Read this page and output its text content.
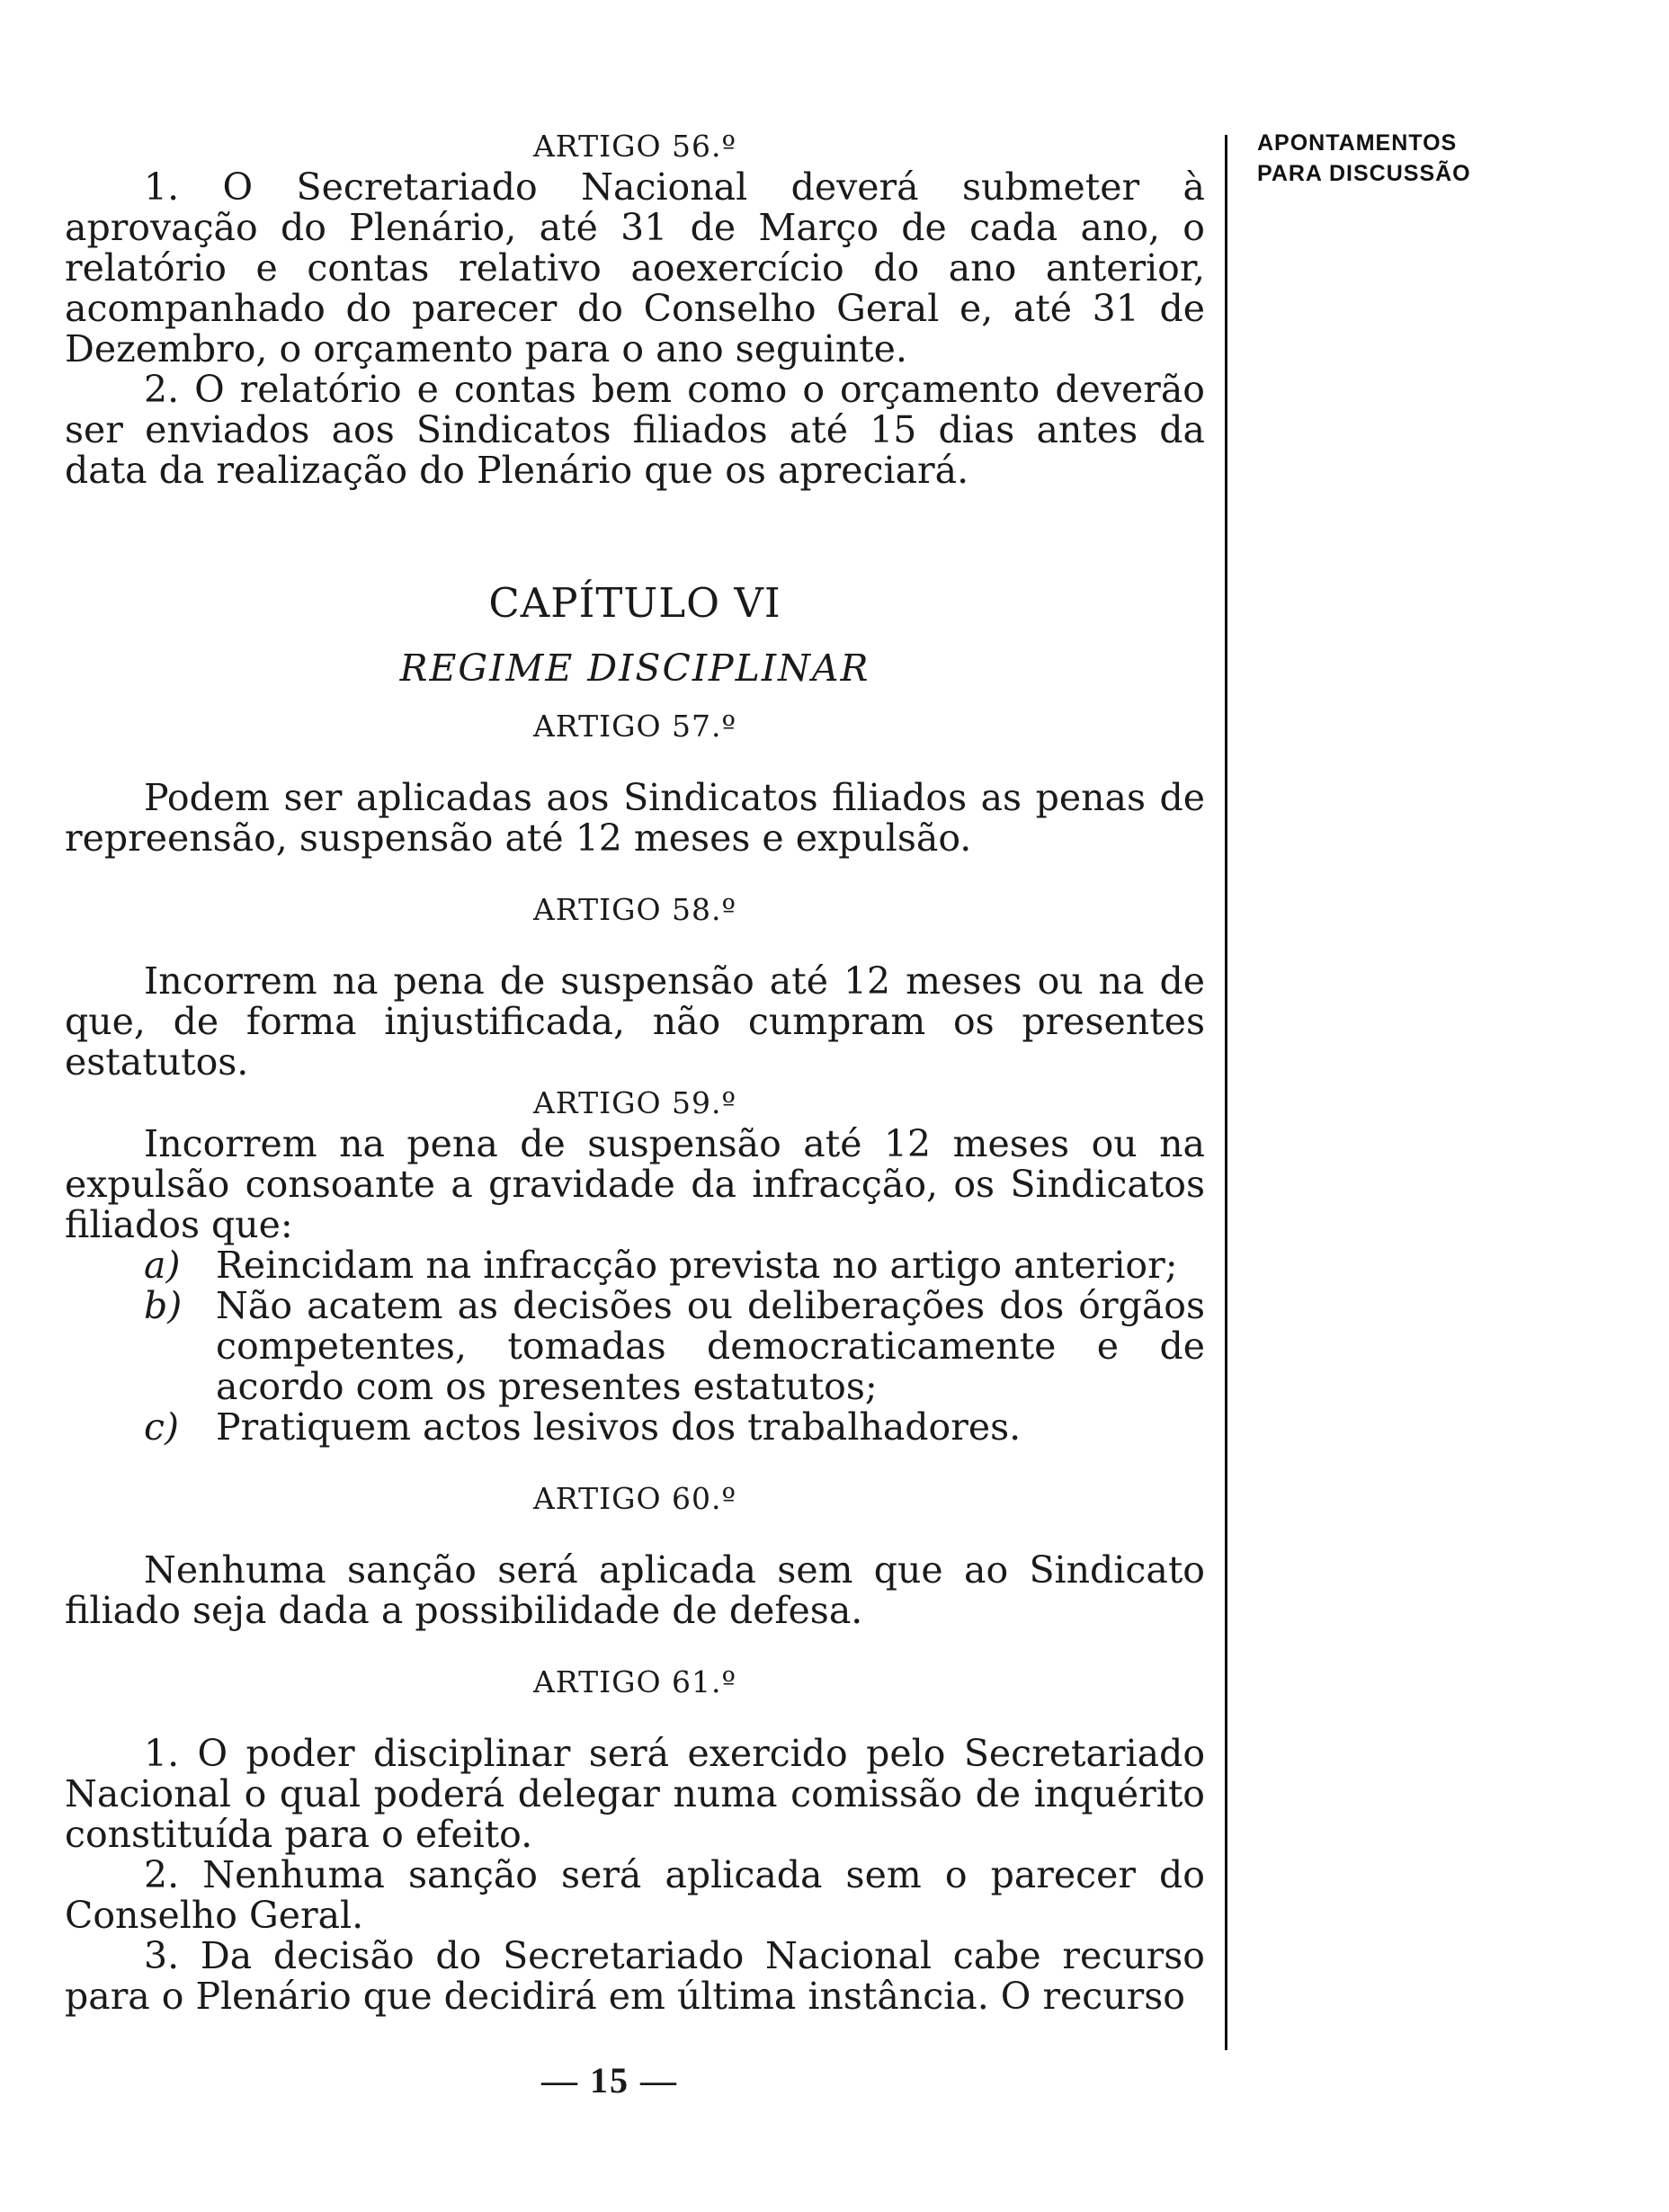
ARTIGO 56.º

1. O Secretariado Nacional deverá submeter à aprovação do Plenário, até 31 de Março de cada ano, o relatório e contas relativo aoexercício do ano anterior, acompanhado do parecer do Conselho Geral e, até 31 de Dezembro, o orçamento para o ano seguinte.

2. O relatório e contas bem como o orçamento deverão ser enviados aos Sindicatos filiados até 15 dias antes da data da realização do Plenário que os apreciará.

CAPÍTULO VI

REGIME DISCIPLINAR

ARTIGO 57.º

Podem ser aplicadas aos Sindicatos filiados as penas de repreensão, suspensão até 12 meses e expulsão.

ARTIGO 58.º

Incorrem na pena de suspensão até 12 meses ou na de que, de forma injustificada, não cumpram os presentes estatutos.

ARTIGO 59.º

Incorrem na pena de suspensão até 12 meses ou na expulsão consoante a gravidade da infracção, os Sindicatos filiados que:

a) Reincidam na infracção prevista no artigo anterior;
b) Não acatem as decisões ou deliberações dos órgãos competentes, tomadas democraticamente e de acordo com os presentes estatutos;
c) Pratiquem actos lesivos dos trabalhadores.

ARTIGO 60.º

Nenhuma sanção será aplicada sem que ao Sindicato filiado seja dada a possibilidade de defesa.

ARTIGO 61.º

1. O poder disciplinar será exercido pelo Secretariado Nacional o qual poderá delegar numa comissão de inquérito constituída para o efeito.

2. Nenhuma sanção será aplicada sem o parecer do Conselho Geral.

3. Da decisão do Secretariado Nacional cabe recurso para o Plenário que decidirá em última instância. O recurso

APONTAMENTOS
PARA DISCUSSÃO
— 15 —
